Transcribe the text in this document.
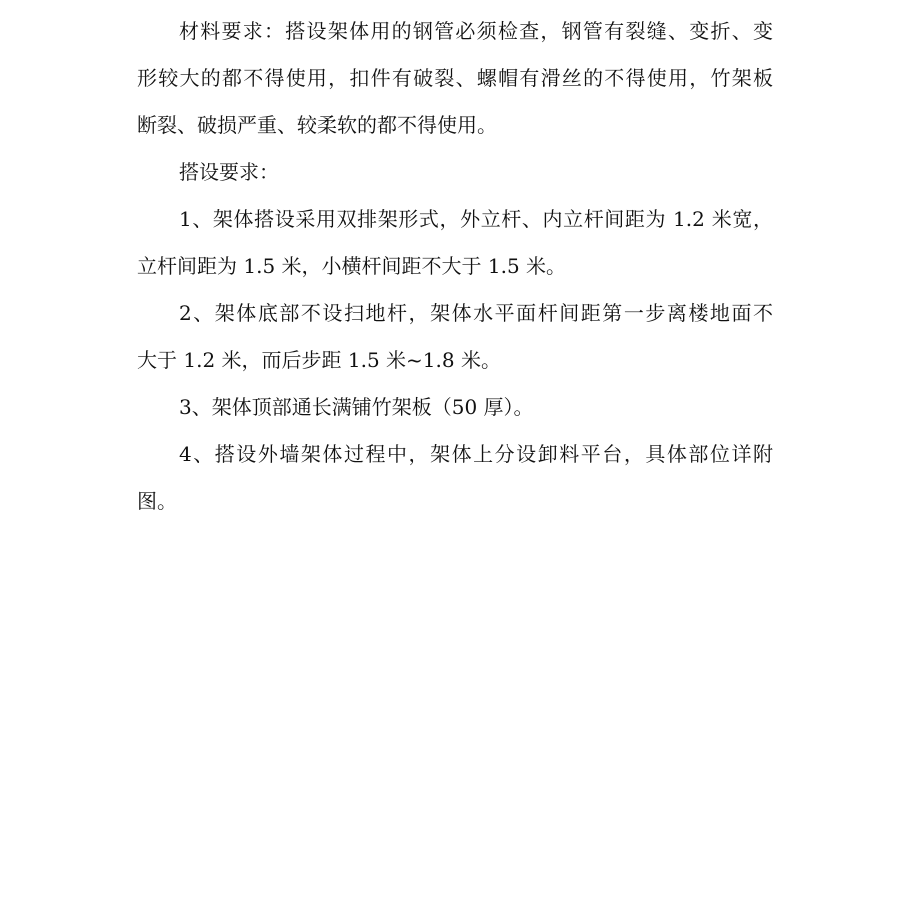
材料要求：搭设架体用的钢管必须检查，钢管有裂缝、变折、变
形较大的都不得使用，扣件有破裂、螺帽有滑丝的不得使用，竹架板
断裂、破损严重、较柔软的都不得使用。
搭设要求：
1、架体搭设采用双排架形式，外立杆、内立杆间距为 1.2 米宽，
立杆间距为 1.5 米，小横杆间距不大于 1.5 米。
2、架体底部不设扫地杆，架体水平面杆间距第一步离楼地面不
大于 1.2 米，而后步距 1.5 米~1.8 米。
3、架体顶部通长满铺竹架板（50 厚）。
4、搭设外墙架体过程中，架体上分设卸料平台，具体部位详附
图。
